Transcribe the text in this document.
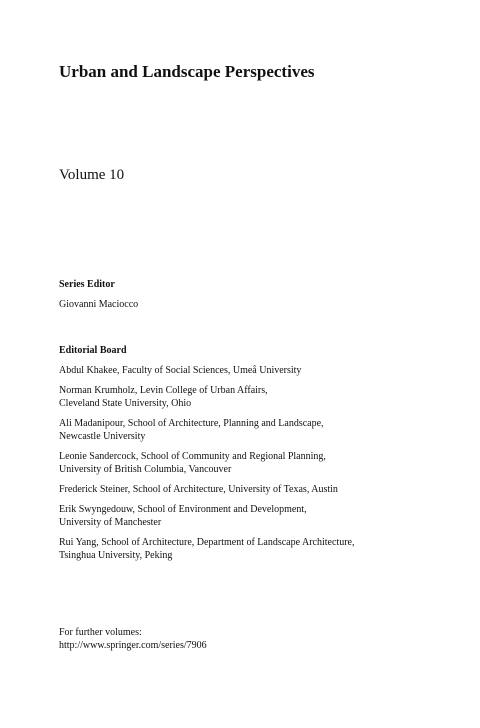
Urban and Landscape Perspectives

Volume 10

Series Editor

Giovanni Maciocco

Editorial Board

Abdul Khakee, Faculty of Social Sciences, Umeå University
Norman Krumholz, Levin College of Urban Affairs,
Cleveland State University, Ohio
Ali Madanipour, School of Architecture, Planning and Landscape,
Newcastle University
Leonie Sandercock, School of Community and Regional Planning,
University of British Columbia, Vancouver
Frederick Steiner, School of Architecture, University of Texas, Austin
Erik Swyngedouw, School of Environment and Development,
University of Manchester
Rui Yang, School of Architecture, Department of Landscape Architecture,
Tsinghua University, Peking

For further volumes:

http://www.springer.com/series/7906
